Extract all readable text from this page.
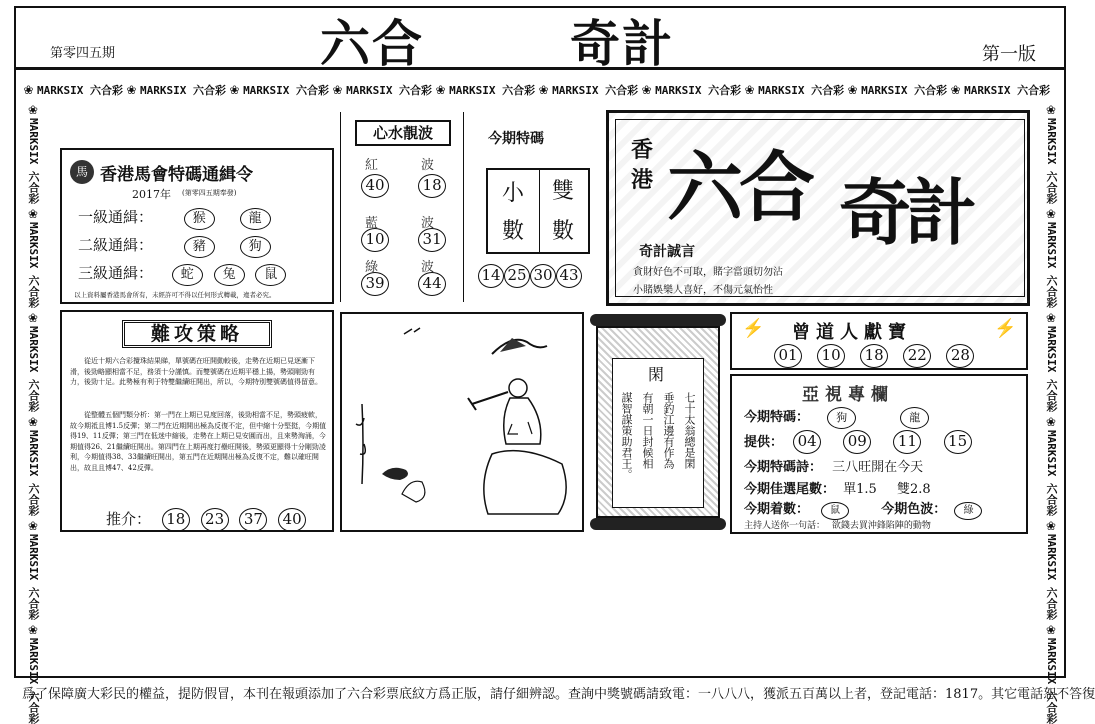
第零四五期	六合	奇計	第一版
❀ MARKSIX 六合彩 ❀ MARKSIX 六合彩 ❀ MARKSIX 六合彩 ❀ MARKSIX 六合彩 ❀ MARKSIX 六合彩 ❀ MARKSIX 六合彩 ❀ MARKSIX 六合彩 ❀ MARKSIX 六合彩 ❀ MARKSIX 六合彩 ❀ MARKSIX 六合彩
❀MARKSIX 六合彩❀MARKSIX 六合彩❀MARKSIX 六合彩❀MARKSIX 六合彩❀MARKSIX 六合彩❀MARKSIX 六合彩
❀MARKSIX 六合彩❀MARKSIX 六合彩❀MARKSIX 六合彩❀MARKSIX 六合彩❀MARKSIX 六合彩❀MARKSIX 六合彩
馬 香港馬會特碼通緝令
2017年 (第零四五期奉發)
一級通緝：	猴	龍
二級通緝：	豬	狗
三級通緝： 蛇 兔 鼠
以上資料屬香港馬會所有，未經許可不得以任何形式轉載，違者必究。
心水靚波
紅	波
40	18
藍	波
10	31
綠	波
39	44
今期特碼
小
數
雙
數
14 25 30 43
香
港 六合 奇計
奇計誠言
貪財好色不可取，賭字當頭切勿沾
小賭娛樂人喜好，不傷元氣怡性
難攻策略
從近十期六合彩攪珠結果睇，單號碼在旺開動較後，走勢在近期已見逐漸下滑，後勁略顯相當不足，務須十分謹慎。而雙號碼在近期平穩上揚，勢頭剛勁有力，後勁十足。此勢極有利于特雙繼續旺開出，所以，今期特別雙號碼值得留意。
從整體五個門類分析：第一門在上期已見度回落，後勁相當不足，勢頭疲軟，故今期祗且博1.5反彈；第二門在近期開出極為反復不定，但中縮十分堅挺，今期值得19、11反彈；第三門在低迷中縮後，走勢在上期已見安圓而出，且來勢洶涌，今期值得26、21繼續旺開出。第四門在上期再度打壘旺開後，勢頭更顯得十分剛勁凌利，今期值得38、33繼續旺開出，第五門在近期開出極為反復不定，難以確旺開出，故且且博47、42反彈。
推介： 18 23 37 40
閑
七十太翁總是閑
垂釣江邊有作為
有朝一日封候相
謀智謀策助君王。
⚡ 曾道人獻寶	⚡
01 10 18 22 28
亞視專欄
今期特碼： 狗	龍
提供： 04 09 11 15
今期特碼詩： 三八旺開在今天
今期佳選尾數： 單1.5 雙2.8
今期着數： 鼠	今期色波： 綠
主持人送你一句話： 欲錢去買沖鋒陷陣的動物
爲了保障廣大彩民的權益，提防假冒，本刊在報頭添加了六合彩票底紋方爲正版，請仔細辨認。查詢中獎號碼請致電：一八八八，獲派五百萬以上者，登記電話：1817。其它電話恕不答復
